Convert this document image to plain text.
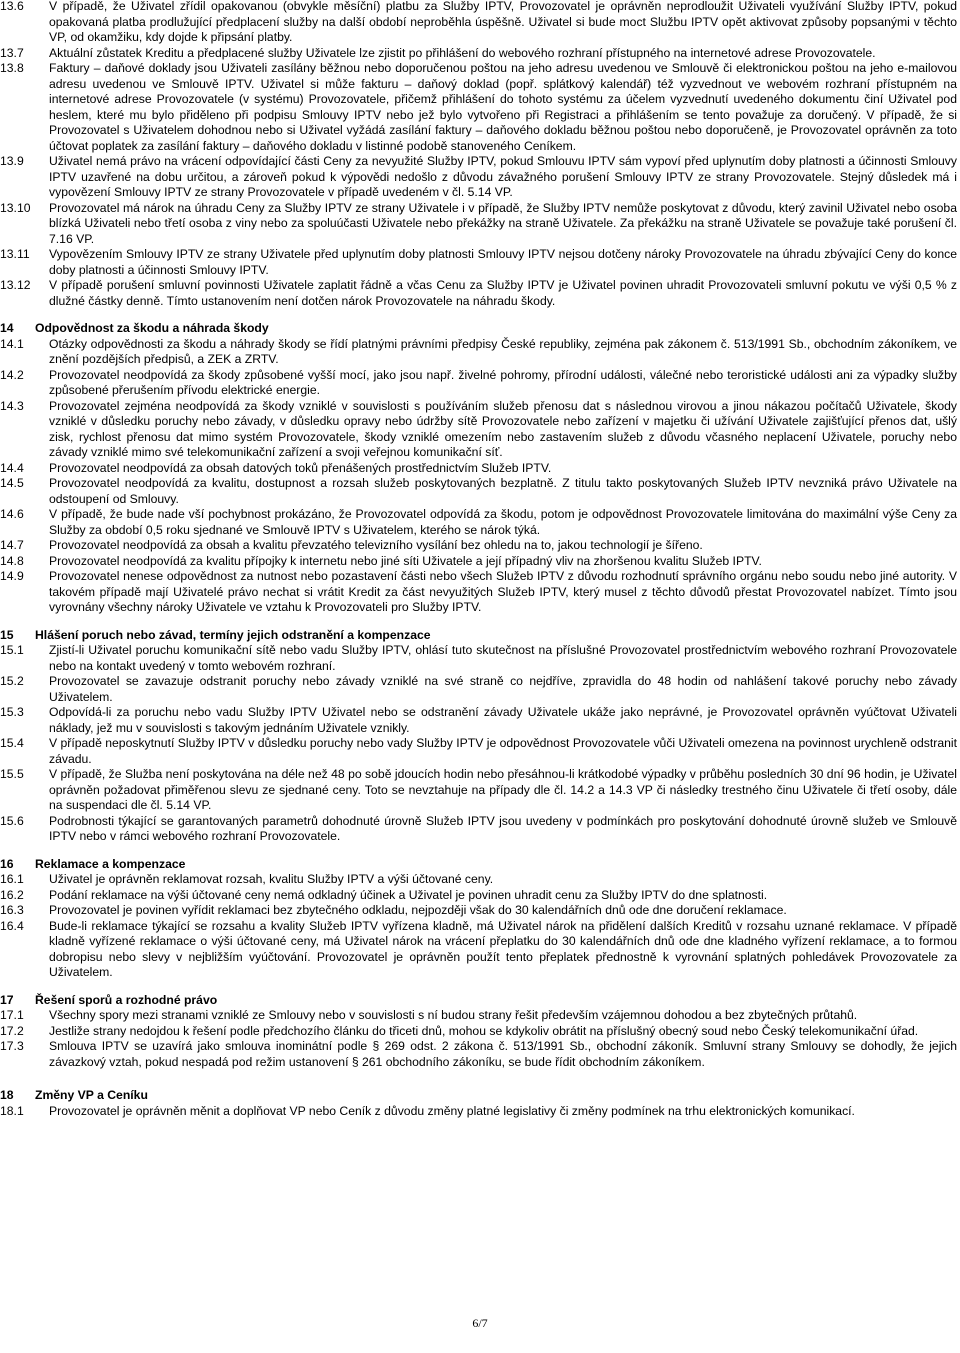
13.6	V případě, že Uživatel zřídil opakovanou (obvykle měsíční) platbu za Služby IPTV, Provozovatel je oprávněn neprodloužit Uživateli využívání Služby IPTV, pokud opakovaná platba prodlužující předplacení služby na další období neproběhla úspěšně. Uživatel si bude moct Službu IPTV opět aktivovat způsoby popsanými v těchto VP, od okamžiku, kdy dojde k připsání platby.
13.7	Aktuální zůstatek Kreditu a předplacené služby Uživatele lze zjistit po přihlášení do webového rozhraní přístupného na internetové adrese Provozovatele.
13.8	Faktury – daňové doklady jsou Uživateli zasílány běžnou nebo doporučenou poštou na jeho adresu uvedenou ve Smlouvě či elektronickou poštou na jeho e-mailovou adresu uvedenou ve Smlouvě IPTV. Uživatel si může fakturu – daňový doklad (popř. splátkový kalendář) též vyzvednout ve webovém rozhraní přístupném na internetové adrese Provozovatele (v systému) Provozovatele, přičemž přihlášení do tohoto systému za účelem vyzvednutí uvedeného dokumentu činí Uživatel pod heslem, které mu bylo přiděleno při podpisu Smlouvy IPTV nebo jež bylo vytvořeno při Registraci a přihlášením se tento považuje za doručený. V případě, že si Provozovatel s Uživatelem dohodnou nebo si Uživatel vyžádá zasílání faktury – daňového dokladu běžnou poštou nebo doporučeně, je Provozovatel oprávněn za toto účtovat poplatek za zasílání faktury – daňového dokladu v listinné podobě stanoveného Ceníkem.
13.9	Uživatel nemá právo na vrácení odpovídající části Ceny za nevyužité Služby IPTV, pokud Smlouvu IPTV sám vypoví před uplynutím doby platnosti a účinnosti Smlouvy IPTV uzavřené na dobu určitou, a zároveň pokud k výpovědi nedošlo z důvodu závažného porušení Smlouvy IPTV ze strany Provozovatele. Stejný důsledek má i vypovězení Smlouvy IPTV ze strany Provozovatele v případě uvedeném v čl. 5.14 VP.
13.10	Provozovatel má nárok na úhradu Ceny za Služby IPTV ze strany Uživatele i v případě, že Služby IPTV nemůže poskytovat z důvodu, který zavinil Uživatel nebo osoba blízká Uživateli nebo třetí osoba z viny nebo za spoluúčasti Uživatele nebo překážky na straně Uživatele. Za překážku na straně Uživatele se považuje také porušení čl. 7.16 VP.
13.11	Vypovězením Smlouvy IPTV ze strany Uživatele před uplynutím doby platnosti Smlouvy IPTV nejsou dotčeny nároky Provozovatele na úhradu zbývající Ceny do konce doby platnosti a účinnosti Smlouvy IPTV.
13.12	V případě porušení smluvní povinnosti Uživatele zaplatit řádně a včas Cenu za Služby IPTV je Uživatel povinen uhradit Provozovateli smluvní pokutu ve výši 0,5 % z dlužné částky denně. Tímto ustanovením není dotčen nárok Provozovatele na náhradu škody.
14	Odpovědnost za škodu a náhrada škody
14.1	Otázky odpovědnosti za škodu a náhrady škody se řídí platnými právními předpisy České republiky, zejména pak zákonem č. 513/1991 Sb., obchodním zákoníkem, ve znění pozdějších předpisů, a ZEK a ZRTV.
14.2	Provozovatel neodpovídá za škody způsobené vyšší mocí, jako jsou např. živelné pohromy, přírodní události, válečné nebo teroristické události ani za výpadky služby způsobené přerušením přívodu elektrické energie.
14.3	Provozovatel zejména neodpovídá za škody vzniklé v souvislosti s používáním služeb přenosu dat s následnou virovou a jinou nákazou počítačů Uživatele, škody vzniklé v důsledku poruchy nebo závady, v důsledku opravy nebo údržby sítě Provozovatele nebo zařízení v majetku či užívání Uživatele zajišťující přenos dat, ušlý zisk, rychlost přenosu dat mimo systém Provozovatele, škody vzniklé omezením nebo zastavením služeb z důvodu včasného neplacení Uživatele, poruchy nebo závady vzniklé mimo své telekomunikační zařízení a svoji veřejnou komunikační síť.
14.4	Provozovatel neodpovídá za obsah datových toků přenášených prostřednictvím Služeb IPTV.
14.5	Provozovatel neodpovídá za kvalitu, dostupnost a rozsah služeb poskytovaných bezplatně. Z titulu takto poskytovaných Služeb IPTV nevzniká právo Uživatele na odstoupení od Smlouvy.
14.6	V případě, že bude nade vší pochybnost prokázáno, že Provozovatel odpovídá za škodu, potom je odpovědnost Provozovatele limitována do maximální výše Ceny za Služby za období 0,5 roku sjednané ve Smlouvě IPTV s Uživatelem, kterého se nárok týká.
14.7	Provozovatel neodpovídá za obsah a kvalitu převzatého televizního vysílání bez ohledu na to, jakou technologií je šířeno.
14.8	Provozovatel neodpovídá za kvalitu přípojky k internetu nebo jiné síti Uživatele a její případný vliv na zhoršenou kvalitu Služeb IPTV.
14.9	Provozovatel nenese odpovědnost za nutnost nebo pozastavení části nebo všech Služeb IPTV z důvodu rozhodnutí správního orgánu nebo soudu nebo jiné autority. V takovém případě mají Uživatelé právo nechat si vrátit Kredit za část nevyužitých Služeb IPTV, který musel z těchto důvodů přestat Provozovatel nabízet. Tímto jsou vyrovnány všechny nároky Uživatele ve vztahu k Provozovateli pro Služby IPTV.
15	Hlášení poruch nebo závad, termíny jejich odstranění a kompenzace
15.1	Zjistí-li Uživatel poruchu komunikační sítě nebo vadu Služby IPTV, ohlásí tuto skutečnost na příslušné Provozovatel prostřednictvím webového rozhraní Provozovatele nebo na kontakt uvedený v tomto webovém rozhraní.
15.2	Provozovatel se zavazuje odstranit poruchy nebo závady vzniklé na své straně co nejdříve, zpravidla do 48 hodin od nahlášení takové poruchy nebo závady Uživatelem.
15.3	Odpovídá-li za poruchu nebo vadu Služby IPTV Uživatel nebo se odstranění závady Uživatele ukáže jako neprávné, je Provozovatel oprávněn vyúčtovat Uživateli náklady, jež mu v souvislosti s takovým jednáním Uživatele vznikly.
15.4	V případě neposkytnutí Služby IPTV v důsledku poruchy nebo vady Služby IPTV je odpovědnost Provozovatele vůči Uživateli omezena na povinnost urychleně odstranit závadu.
15.5	V případě, že Služba není poskytována na déle než 48 po sobě jdoucích hodin nebo přesáhnou-li krátkodobé výpadky v průběhu posledních 30 dní 96 hodin, je Uživatel oprávněn požadovat přiměřenou slevu ze sjednané ceny. Toto se nevztahuje na případy dle čl. 14.2 a 14.3 VP či následky trestného činu Uživatele či třetí osoby, dále na suspendaci dle čl. 5.14 VP.
15.6	Podrobnosti týkající se garantovaných parametrů dohodnuté úrovně Služeb IPTV jsou uvedeny v podmínkách pro poskytování dohodnuté úrovně služeb ve Smlouvě IPTV nebo v rámci webového rozhraní Provozovatele.
16	Reklamace a kompenzace
16.1	Uživatel je oprávněn reklamovat rozsah, kvalitu Služby IPTV a výši účtované ceny.
16.2	Podání reklamace na výši účtované ceny nemá odkladný účinek a Uživatel je povinen uhradit cenu za Služby IPTV do dne splatnosti.
16.3	Provozovatel je povinen vyřídit reklamaci bez zbytečného odkladu, nejpozději však do 30 kalendářních dnů ode dne doručení reklamace.
16.4	Bude-li reklamace týkající se rozsahu a kvality Služeb IPTV vyřízena kladně, má Uživatel nárok na přidělení dalších Kreditů v rozsahu uznané reklamace. V případě kladně vyřízené reklamace o výši účtované ceny, má Uživatel nárok na vrácení přeplatku do 30 kalendářních dnů ode dne kladného vyřízení reklamace, a to formou dobropisu nebo slevy v nejbližším vyúčtování. Provozovatel je oprávněn použít tento přeplatek přednostně k vyrovnání splatných pohledávek Provozovatele za Uživatelem.
17	Řešení sporů a rozhodné právo
17.1	Všechny spory mezi stranami vzniklé ze Smlouvy nebo v souvislosti s ní budou strany řešit především vzájemnou dohodou a bez zbytečných průtahů.
17.2	Jestliže strany nedojdou k řešení podle předchozího článku do třiceti dnů, mohou se kdykoliv obrátit na příslušný obecný soud nebo Český telekomunikační úřad.
17.3	Smlouva IPTV se uzavírá jako smlouva inominátní podle § 269 odst. 2 zákona č. 513/1991 Sb., obchodní zákoník. Smluvní strany Smlouvy se dohodly, že jejich závazkový vztah, pokud nespadá pod režim ustanovení § 261 obchodního zákoníku, se bude řídit obchodním zákoníkem.
18	Změny VP a Ceníku
18.1	Provozovatel je oprávněn měnit a doplňovat VP nebo Ceník z důvodu změny platné legislativy či změny podmínek na trhu elektronických komunikací.
6/7
